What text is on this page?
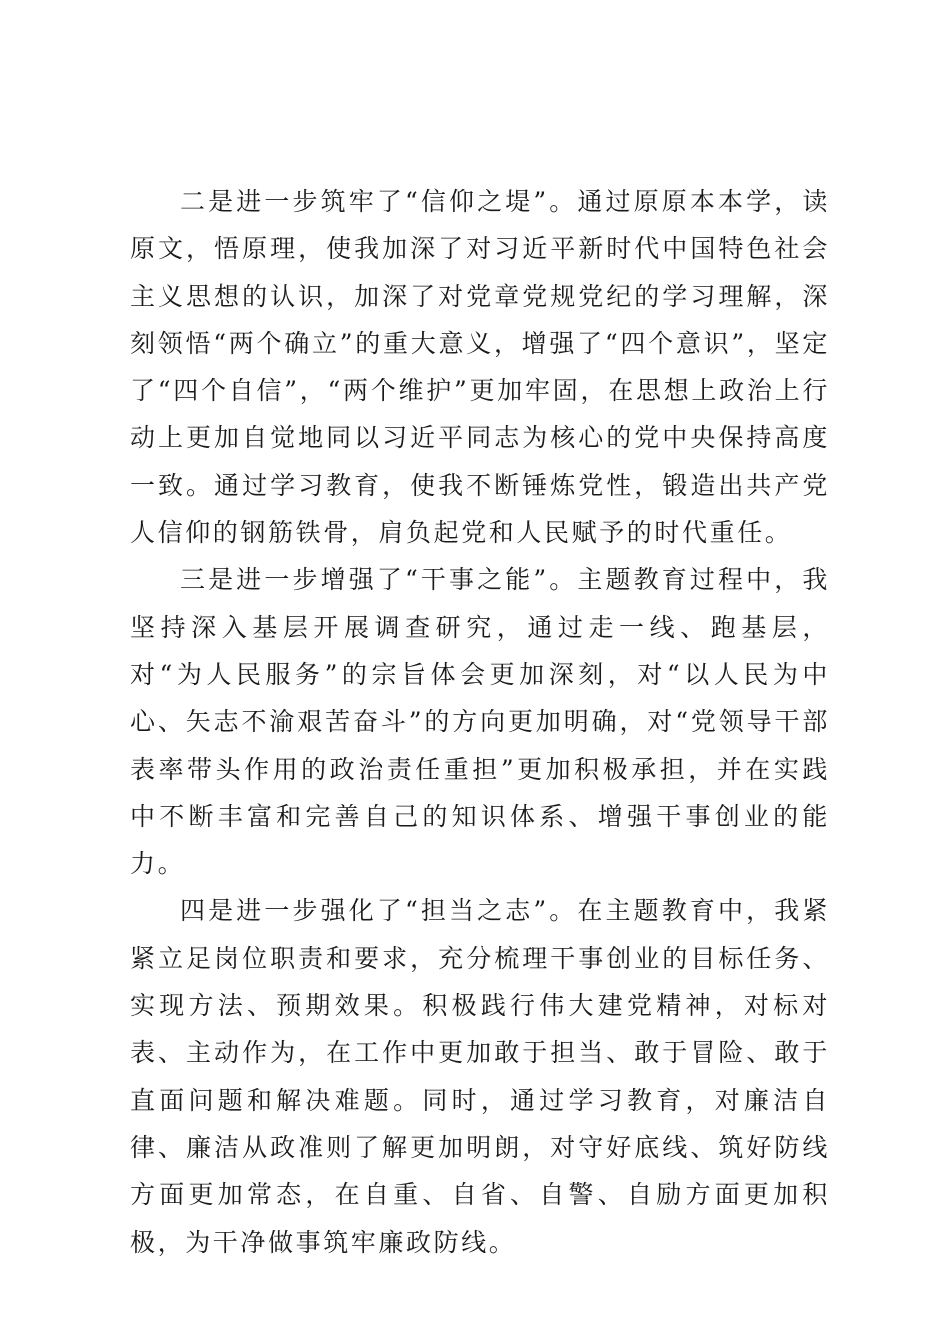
二是进一步筑牢了“信仰之堤”。通过原原本本学，读原文，悟原理，使我加深了对习近平新时代中国特色社会主义思想的认识，加深了对党章党规党纪的学习理解，深刻领悟“两个确立”的重大意义，增强了“四个意识”，坚定了“四个自信”，“两个维护”更加牢固，在思想上政治上行动上更加自觉地同以习近平同志为核心的党中央保持高度一致。通过学习教育，使我不断锤炼党性，锻造出共产党人信仰的钢筋铁骨，肩负起党和人民赋予的时代重任。

三是进一步增强了“干事之能”。主题教育过程中，我坚持深入基层开展调查研究，通过走一线、跑基层，对“为人民服务”的宗旨体会更加深刻，对“以人民为中心、矢志不渝艰苦奋斗”的方向更加明确，对“党领导干部表率带头作用的政治责任重担”更加积极承担，并在实践中不断丰富和完善自己的知识体系、增强干事创业的能力。

四是进一步强化了“担当之志”。在主题教育中，我紧紧立足岗位职责和要求，充分梳理干事创业的目标任务、实现方法、预期效果。积极践行伟大建党精神，对标对表、主动作为，在工作中更加敢于担当、敢于冒险、敢于直面问题和解决难题。同时，通过学习教育，对廉洁自律、廉洁从政准则了解更加明朗，对守好底线、筑好防线方面更加常态，在自重、自省、自警、自励方面更加积极，为干净做事筑牢廉政防线。
